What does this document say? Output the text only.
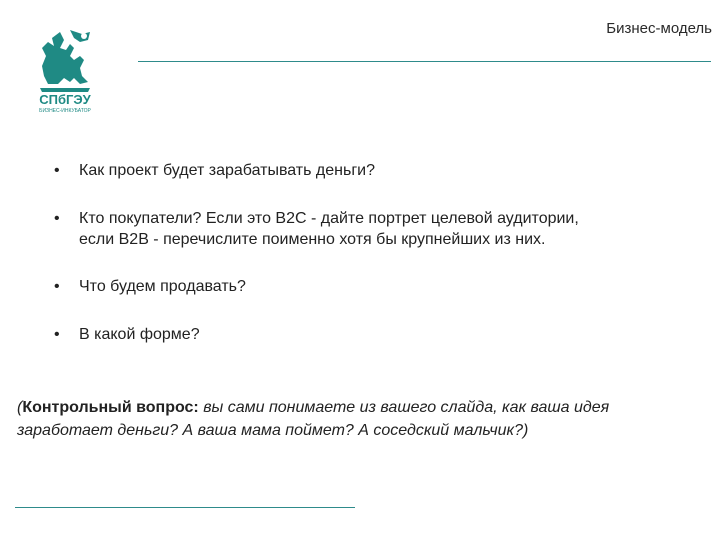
СПбГЭУ
БИЗНЕС-ИНКУБАТОР
Бизнес-модель
• Как проект будет зарабатывать деньги?
• Кто покупатели? Если это B2C - дайте портрет целевой аудитории,
если B2B - перечислите поименно хотя бы крупнейших из них.
• Что будем продавать?
• В какой форме?
(Контрольный вопрос: вы сами понимаете из вашего слайда, как ваша идея заработает деньги? А ваша мама поймет? А соседский мальчик?)
